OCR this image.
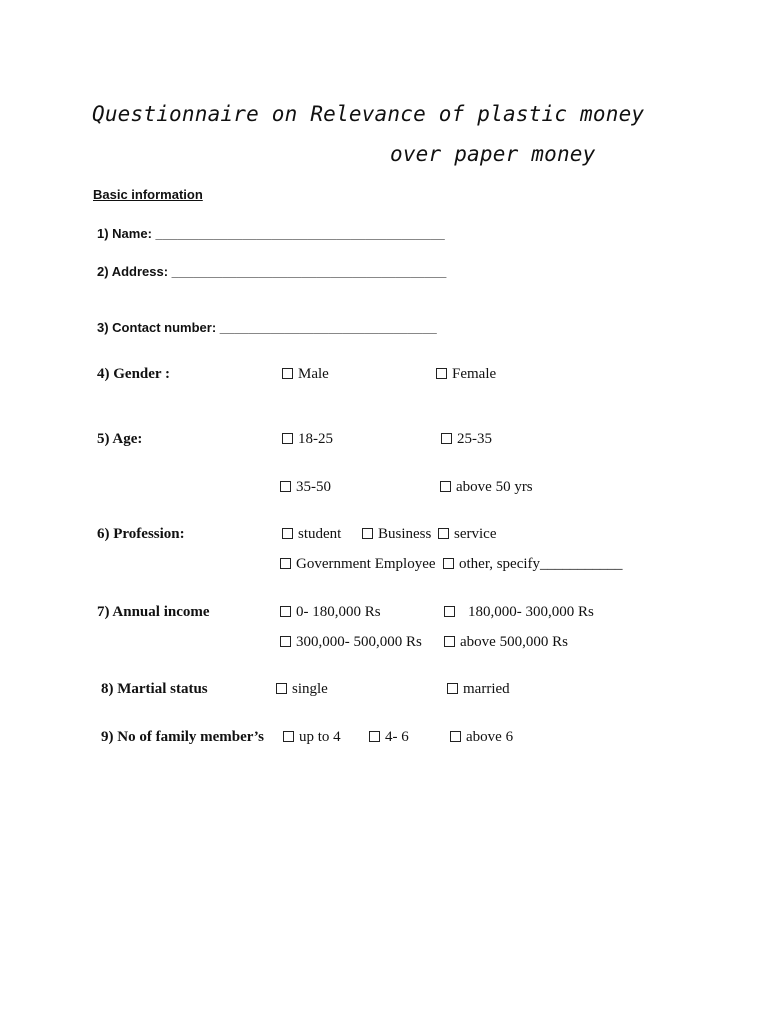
Questionnaire on Relevance of plastic money
over paper money
Basic information
1) Name: ________________________________________
2) Address: ______________________________________
3) Contact number: ______________________________
4) Gender :	Male	Female
5) Age:	18-25	25-35
35-50	above 50 yrs
6) Profession:	student	Business	service
Government Employee	other, specify___________
7) Annual income	0- 180,000 Rs	180,000- 300,000 Rs
300,000- 500,000 Rs	above 500,000 Rs
8) Martial status	single	married
9) No of family member’s	up to 4	4- 6	above 6
